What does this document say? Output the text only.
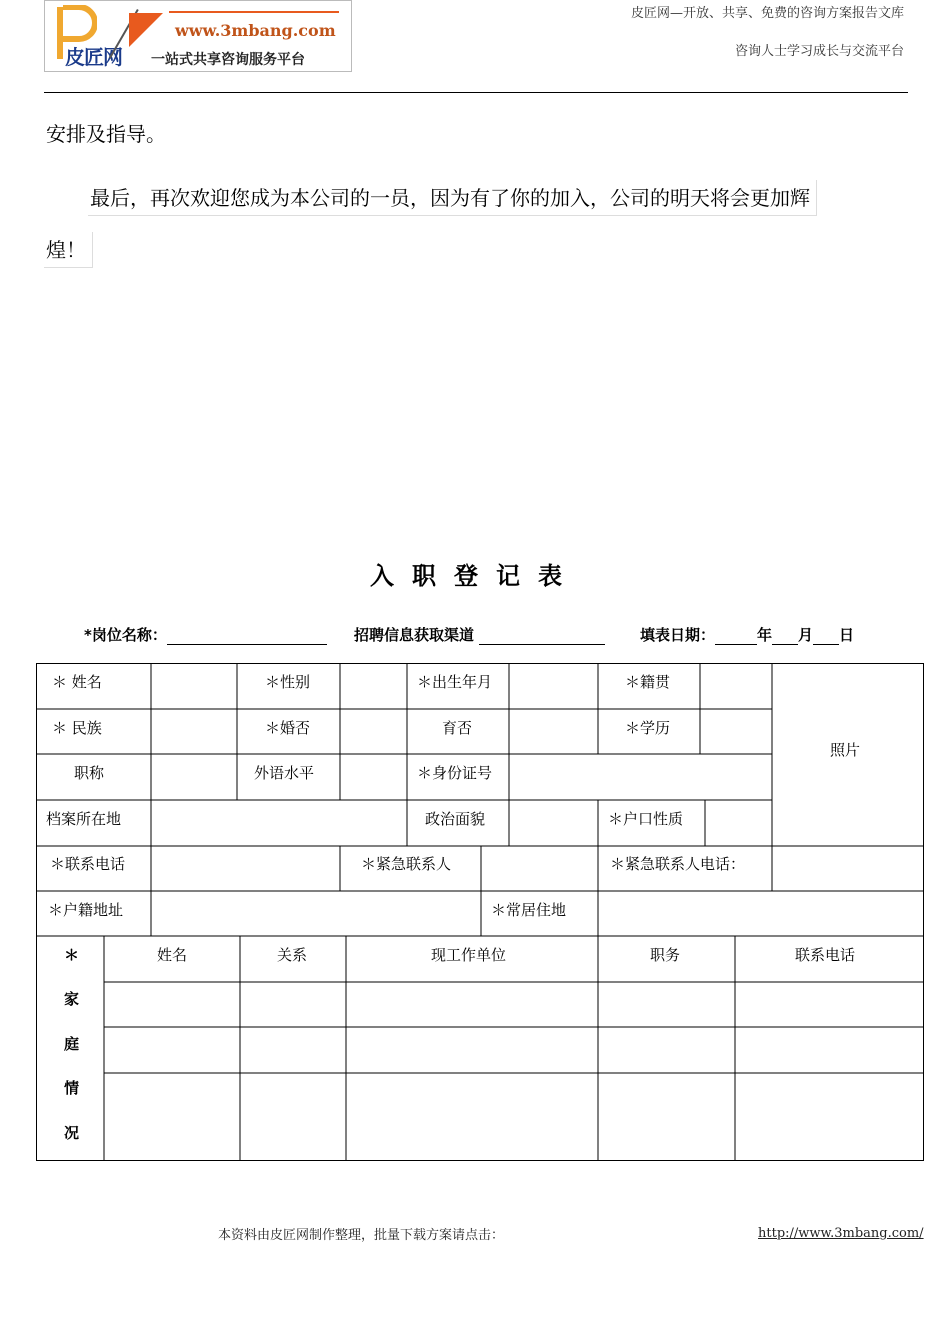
皮匠网
www.3mbang.com
一站式共享咨询服务平台
皮匠网—开放、共享、免费的咨询方案报告文库
咨询人士学习成长与交流平台
安排及指导。
最后，再次欢迎您成为本公司的一员，因为有了你的加入，公司的明天将会更加辉
煌！
入职登记表
*岗位名称：	招聘信息获取渠道	填表日期：	年 月 日
＊ 姓名	＊性别	＊出生年月	＊籍贯
＊ 民族	＊婚否	育否	＊学历
照片
职称	外语水平	＊身份证号
档案所在地	政治面貌	＊户口性质
＊联系电话	＊紧急联系人	＊紧急联系人电话：
＊户籍地址	＊常居住地
＊
家
庭
情
况
姓名	关系	现工作单位	职务	联系电话
本资料由皮匠网制作整理，批量下载方案请点击：	http://www.3mbang.com/
